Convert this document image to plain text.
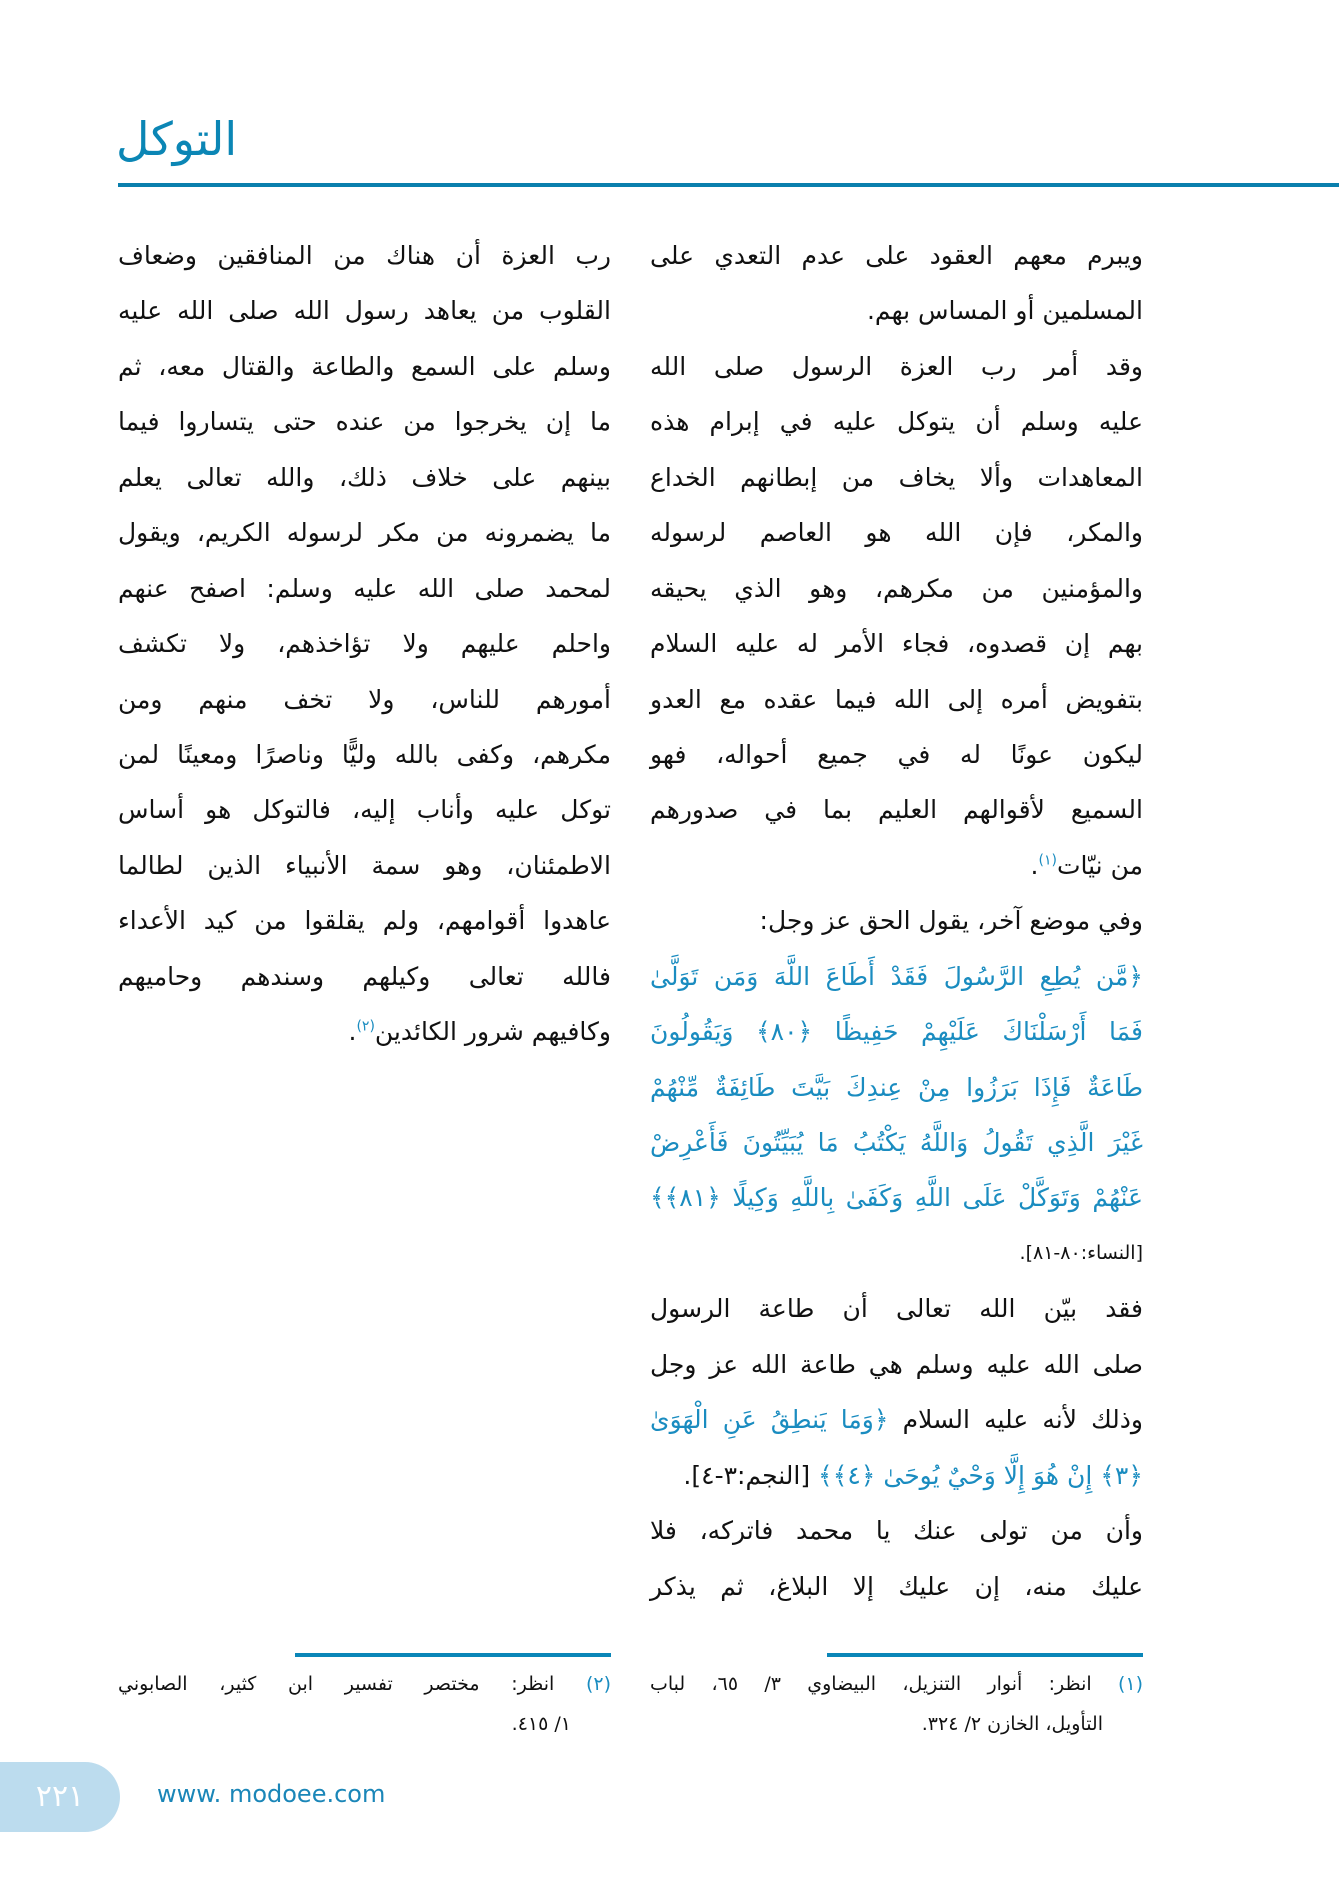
التوكل
ويبرم معهم العقود على عدم التعدي على
المسلمين أو المساس بهم.
وقد أمر رب العزة الرسول صلى الله
عليه وسلم أن يتوكل عليه في إبرام هذه
المعاهدات وألا يخاف من إبطانهم الخداع
والمكر، فإن الله هو العاصم لرسوله
والمؤمنين من مكرهم، وهو الذي يحيقه
بهم إن قصدوه، فجاء الأمر له عليه السلام
بتفويض أمره إلى الله فيما عقده مع العدو
ليكون عونًا له في جميع أحواله، فهو
السميع لأقوالهم العليم بما في صدورهم
من نيّات$^{(١)}$.
وفي موضع آخر، يقول الحق عز وجل:
﴿مَّن يُطِعِ الرَّسُولَ فَقَدْ أَطَاعَ اللَّهَ وَمَن تَوَلَّىٰ
فَمَا أَرْسَلْنَاكَ عَلَيْهِمْ حَفِيظًا ﴿٨٠﴾ وَيَقُولُونَ
طَاعَةٌ فَإِذَا بَرَزُوا مِنْ عِندِكَ بَيَّتَ طَائِفَةٌ مِّنْهُمْ
غَيْرَ الَّذِي تَقُولُ وَاللَّهُ يَكْتُبُ مَا يُبَيِّتُونَ فَأَعْرِضْ
عَنْهُمْ وَتَوَكَّلْ عَلَى اللَّهِ وَكَفَىٰ بِاللَّهِ وَكِيلًا ﴿٨١﴾﴾
[النساء:٨٠-٨١].
فقد بيّن الله تعالى أن طاعة الرسول
صلى الله عليه وسلم هي طاعة الله عز وجل
وذلك لأنه عليه السلام ﴿وَمَا يَنطِقُ عَنِ الْهَوَىٰ
﴿٣﴾ إِنْ هُوَ إِلَّا وَحْيٌ يُوحَىٰ ﴿٤﴾﴾ [النجم:٣-٤].
وأن من تولى عنك يا محمد فاتركه، فلا
عليك منه، إن عليك إلا البلاغ، ثم يذكر
رب العزة أن هناك من المنافقين وضعاف
القلوب من يعاهد رسول الله صلى الله عليه
وسلم على السمع والطاعة والقتال معه، ثم
ما إن يخرجوا من عنده حتى يتساروا فيما
بينهم على خلاف ذلك، والله تعالى يعلم
ما يضمرونه من مكر لرسوله الكريم، ويقول
لمحمد صلى الله عليه وسلم: اصفح عنهم
واحلم عليهم ولا تؤاخذهم، ولا تكشف
أمورهم للناس، ولا تخف منهم ومن
مكرهم، وكفى بالله وليًّا وناصرًا ومعينًا لمن
توكل عليه وأناب إليه، فالتوكل هو أساس
الاطمئنان، وهو سمة الأنبياء الذين لطالما
عاهدوا أقوامهم، ولم يقلقوا من كيد الأعداء
فالله تعالى وكيلهم وسندهم وحاميهم
وكافيهم شرور الكائدين$^{(٢)}$.
(١) انظر: أنوار التنزيل، البيضاوي ٣/ ٦٥، لباب
التأويل، الخازن ٢/ ٣٢٤.
(٢) انظر: مختصر تفسير ابن كثير، الصابوني
١/ ٤١٥.
٢٢١	www. modoee.com
